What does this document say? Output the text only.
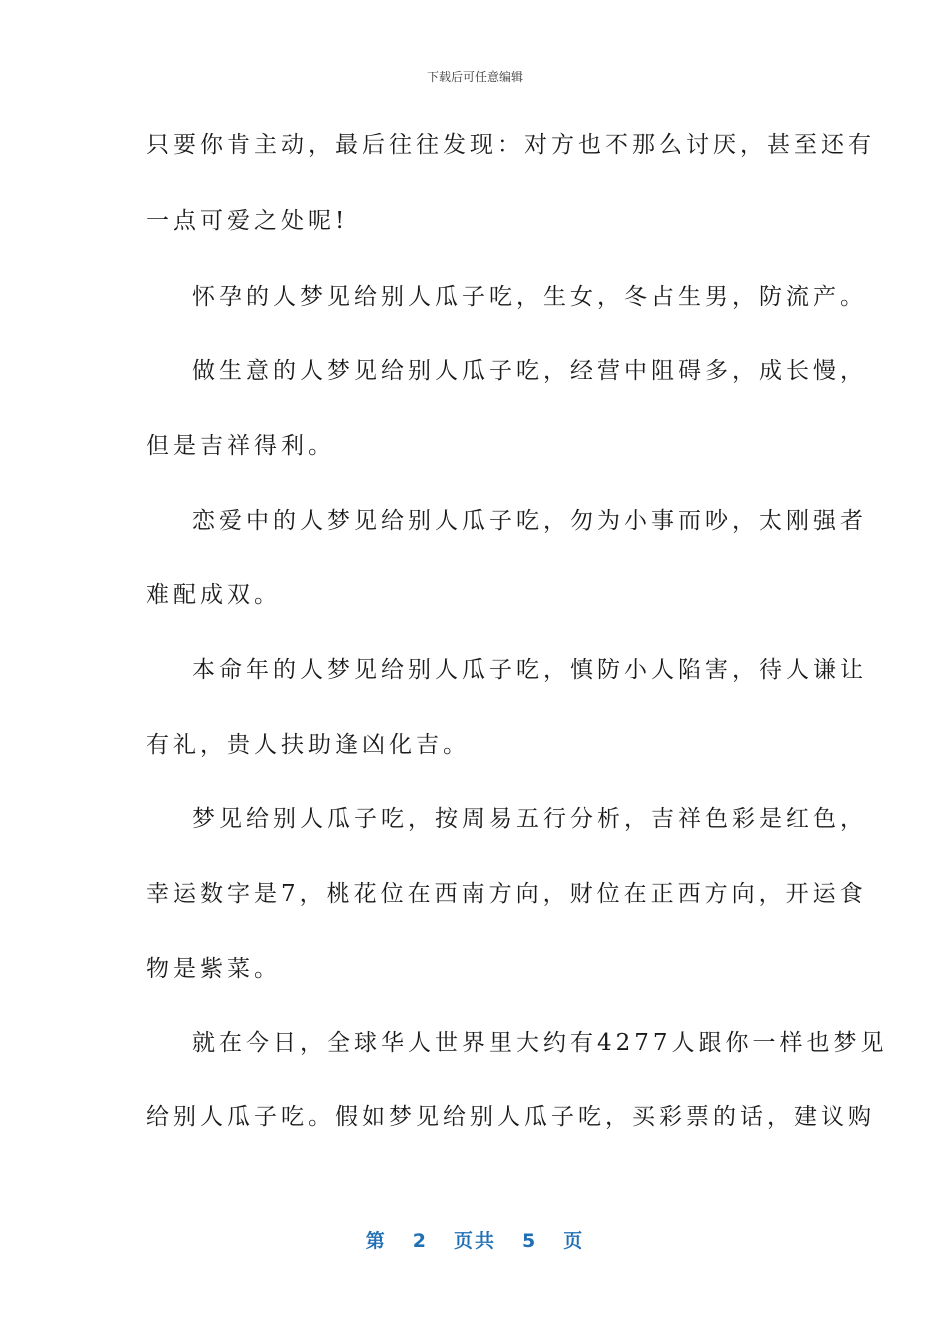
下载后可任意编辑
只要你肯主动，最后往往发现：对方也不那么讨厌，甚至还有
一点可爱之处呢!
怀孕的人梦见给别人瓜子吃，生女，冬占生男，防流产。
做生意的人梦见给别人瓜子吃，经营中阻碍多，成长慢，
但是吉祥得利。
恋爱中的人梦见给别人瓜子吃，勿为小事而吵，太刚强者
难配成双。
本命年的人梦见给别人瓜子吃，慎防小人陷害，待人谦让
有礼，贵人扶助逢凶化吉。
梦见给别人瓜子吃，按周易五行分析，吉祥色彩是红色，
幸运数字是7，桃花位在西南方向，财位在正西方向，开运食
物是紫菜。
就在今日，全球华人世界里大约有4277人跟你一样也梦见
给别人瓜子吃。假如梦见给别人瓜子吃，买彩票的话，建议购
第 2 页共 5 页
